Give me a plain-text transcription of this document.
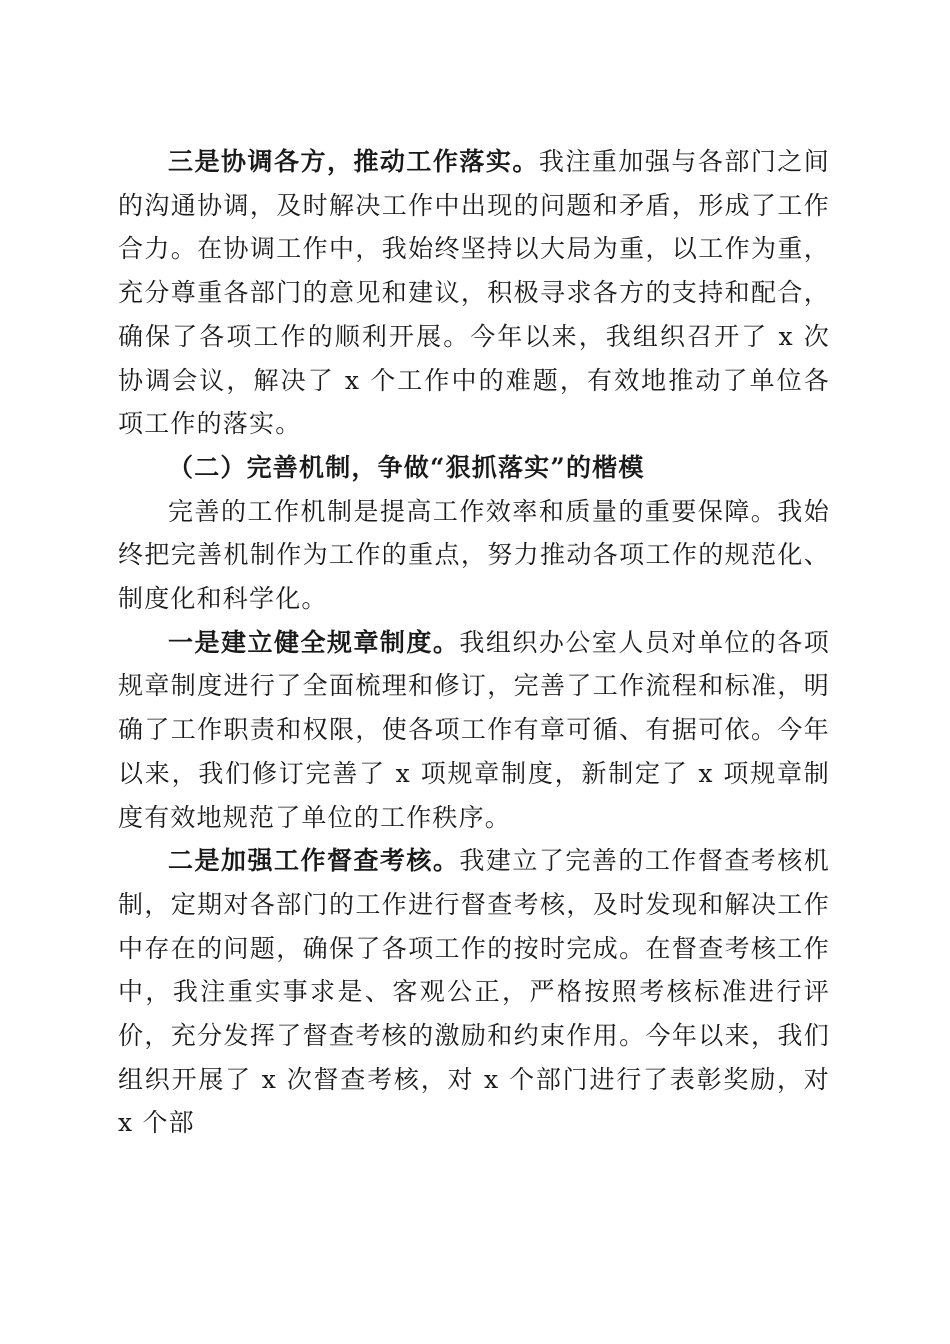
三是协调各方，推动工作落实。我注重加强与各部门之间的沟通协调，及时解决工作中出现的问题和矛盾，形成了工作合力。在协调工作中，我始终坚持以大局为重，以工作为重，充分尊重各部门的意见和建议，积极寻求各方的支持和配合，确保了各项工作的顺利开展。今年以来，我组织召开了 x 次协调会议，解决了 x 个工作中的难题，有效地推动了单位各项工作的落实。

（二）完善机制，争做“狠抓落实”的楷模

完善的工作机制是提高工作效率和质量的重要保障。我始终把完善机制作为工作的重点，努力推动各项工作的规范化、制度化和科学化。

一是建立健全规章制度。我组织办公室人员对单位的各项规章制度进行了全面梳理和修订，完善了工作流程和标准，明确了工作职责和权限，使各项工作有章可循、有据可依。今年以来，我们修订完善了 x 项规章制度，新制定了 x 项规章制度有效地规范了单位的工作秩序。

二是加强工作督查考核。我建立了完善的工作督查考核机制，定期对各部门的工作进行督查考核，及时发现和解决工作中存在的问题，确保了各项工作的按时完成。在督查考核工作中，我注重实事求是、客观公正，严格按照考核标准进行评价，充分发挥了督查考核的激励和约束作用。今年以来，我们组织开展了 x 次督查考核，对 x 个部门进行了表彰奖励，对 x 个部
